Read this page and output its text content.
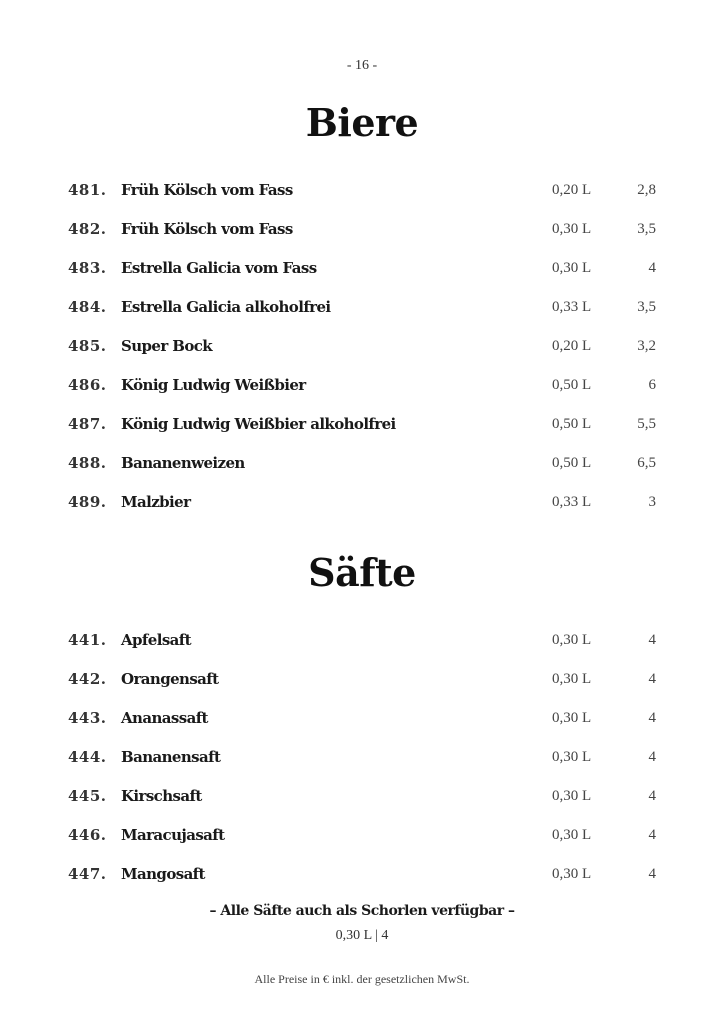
- 16 -
Biere
481. Früh Kölsch vom Fass	0,20 L	2,8
482. Früh Kölsch vom Fass	0,30 L	3,5
483. Estrella Galicia vom Fass	0,30 L	4
484. Estrella Galicia alkoholfrei	0,33 L	3,5
485. Super Bock	0,20 L	3,2
486. König Ludwig Weißbier	0,50 L	6
487. König Ludwig Weißbier alkoholfrei	0,50 L	5,5
488. Bananenweizen	0,50 L	6,5
489. Malzbier	0,33 L	3
Säfte
441. Apfelsaft	0,30 L	4
442. Orangensaft	0,30 L	4
443. Ananassaft	0,30 L	4
444. Bananensaft	0,30 L	4
445. Kirschsaft	0,30 L	4
446. Maracujasaft	0,30 L	4
447. Mangosaft	0,30 L	4
– Alle Säfte auch als Schorlen verfügbar –
0,30 L | 4
Alle Preise in € inkl. der gesetzlichen MwSt.
